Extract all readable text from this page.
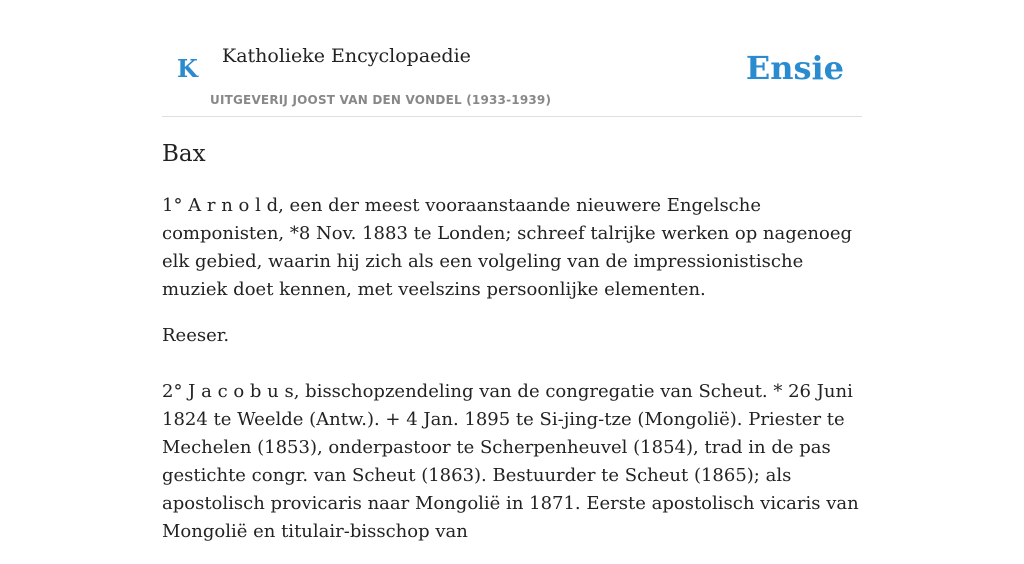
K Katholieke Encyclopaedie
UITGEVERIJ JOOST VAN DEN VONDEL (1933-1939)
Ensie
Bax

1° A r n o l d, een der meest vooraanstaande nieuwere Engelsche componisten, *8 Nov. 1883 te Londen; schreef talrijke werken op nagenoeg elk gebied, waarin hij zich als een volgeling van de impressionistische muziek doet kennen, met veelszins persoonlijke elementen.

Reeser.

2° J a c o b u s, bisschopzendeling van de congregatie van Scheut. * 26 Juni 1824 te Weelde (Antw.). + 4 Jan. 1895 te Si-jing-tze (Mongolië). Priester te Mechelen (1853), onderpastoor te Scherpenheuvel (1854), trad in de pas gestichte congr. van Scheut (1863). Bestuurder te Scheut (1865); als apostolisch provicaris naar Mongolië in 1871. Eerste apostolisch vicaris van Mongolië en titulair-bisschop van
